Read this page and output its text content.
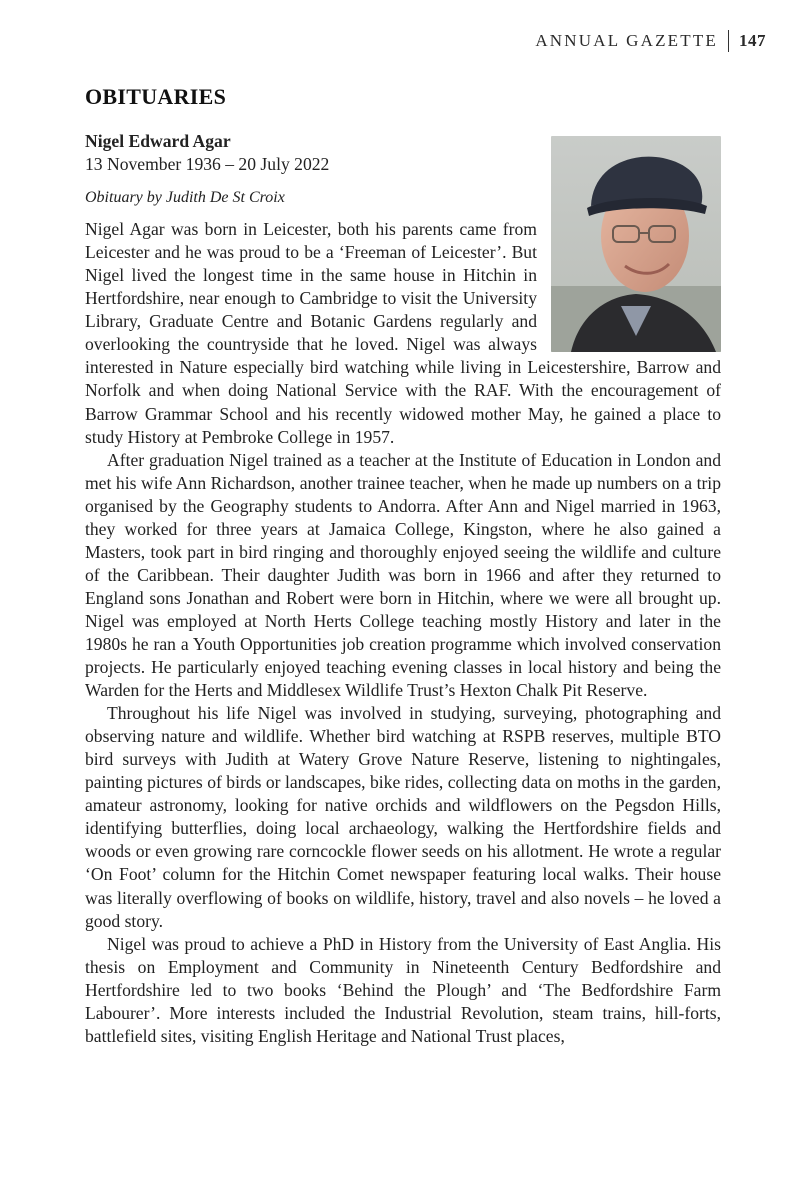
ANNUAL GAZETTE 147
OBITUARIES

Nigel Edward Agar

13 November 1936 – 20 July 2022

Obituary by Judith De St Croix

Nigel Agar was born in Leicester, both his parents came from Leicester and he was proud to be a ‘Freeman of Leicester’. But Nigel lived the longest time in the same house in Hitchin in Hertfordshire, near enough to Cambridge to visit the University Library, Graduate Centre and Botanic Gardens regularly and overlooking the countryside that he loved. Nigel was always interested in Nature especially bird watching while living in Leicestershire, Barrow and Norfolk and when doing National Service with the RAF. With the encouragement of Barrow Grammar School and his recently widowed mother May, he gained a place to study History at Pembroke College in 1957.

After graduation Nigel trained as a teacher at the Institute of Education in London and met his wife Ann Richardson, another trainee teacher, when he made up numbers on a trip organised by the Geography students to Andorra. After Ann and Nigel married in 1963, they worked for three years at Jamaica College, Kingston, where he also gained a Masters, took part in bird ringing and thoroughly enjoyed seeing the wildlife and culture of the Caribbean. Their daughter Judith was born in 1966 and after they returned to England sons Jonathan and Robert were born in Hitchin, where we were all brought up. Nigel was employed at North Herts College teaching mostly History and later in the 1980s he ran a Youth Opportunities job creation programme which involved conservation projects. He particularly enjoyed teaching evening classes in local history and being the Warden for the Herts and Middlesex Wildlife Trust’s Hexton Chalk Pit Reserve.

Throughout his life Nigel was involved in studying, surveying, photographing and observing nature and wildlife. Whether bird watching at RSPB reserves, multiple BTO bird surveys with Judith at Watery Grove Nature Reserve, listening to nightingales, painting pictures of birds or landscapes, bike rides, collecting data on moths in the garden, amateur astronomy, looking for native orchids and wildflowers on the Pegsdon Hills, identifying butterflies, doing local archaeology, walking the Hertfordshire fields and woods or even growing rare corncockle flower seeds on his allotment. He wrote a regular ‘On Foot’ column for the Hitchin Comet newspaper featuring local walks. Their house was literally overflowing of books on wildlife, history, travel and also novels – he loved a good story.

Nigel was proud to achieve a PhD in History from the University of East Anglia. His thesis on Employment and Community in Nineteenth Century Bedfordshire and Hertfordshire led to two books ‘Behind the Plough’ and ‘The Bedfordshire Farm Labourer’. More interests included the Industrial Revolution, steam trains, hill-forts, battlefield sites, visiting English Heritage and National Trust places,
